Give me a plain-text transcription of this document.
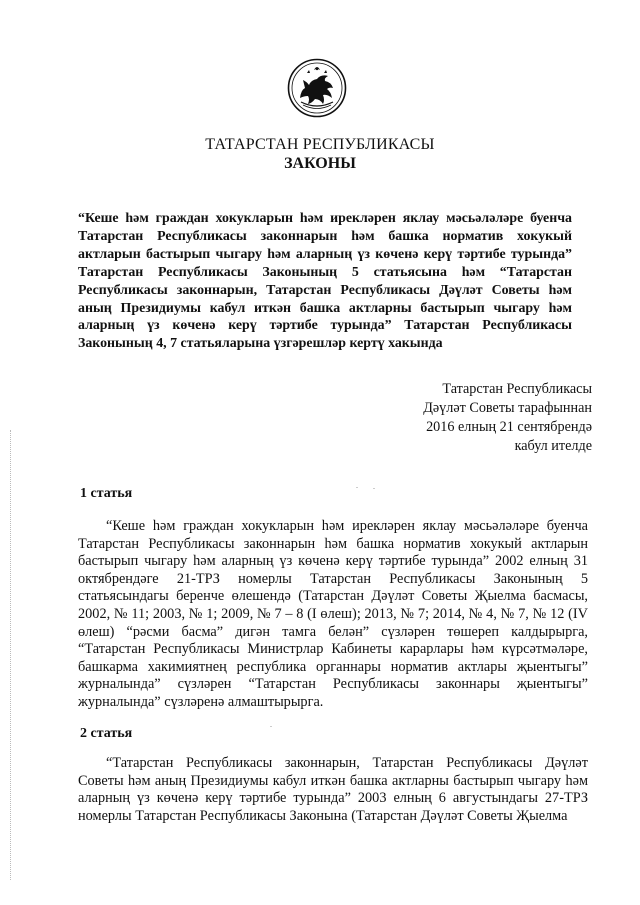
ТАТАРСТАН РЕСПУБЛИКАСЫ
ЗАКОНЫ
“Кеше һәм граждан хокукларын һәм ирекләрен яклау мәсьәләләре буенча Татарстан Республикасы законнарын һәм башка норматив хокукый актларын бастырып чыгару һәм аларның үз көченә керү тәртибе турында” Татарстан Республикасы Законының 5 статьясына һәм “Татарстан Республикасы законнарын, Татарстан Республикасы Дәүләт Советы һәм аның Президиумы кабул иткән башка актларны бастырып чыгару һәм аларның үз көченә керү тәртибе турында” Татарстан Республикасы Законының 4, 7 статьяларына үзгәрешләр кертү хакында
Татарстан Республикасы
Дәүләт Советы тарафыннан
2016 елның 21 сентябрендә
кабул ителде
1 статья
“Кеше һәм граждан хокукларын һәм ирекләрен яклау мәсьәләләре буенча Татарстан Республикасы законнарын һәм башка норматив хокукый актларын бастырып чыгару һәм аларның үз көченә керү тәртибе турында” 2002 елның 31 октябрендәге 21-ТРЗ номерлы Татарстан Республикасы Законының 5 статьясындагы беренче өлешендә (Татарстан Дәүләт Советы Җыелма басмасы, 2002, № 11; 2003, № 1; 2009, № 7 – 8 (I өлеш); 2013, № 7; 2014, № 4, № 7, № 12 (IV өлеш) “рәсми басма” дигән тамга белән” сүзләрен төшереп калдырырга, “Татарстан Республикасы Министрлар Кабинеты карарлары һәм күрсәтмәләре, башкарма хакимиятнең республика органнары норматив актлары җыентыгы” журналында” сүзләрен “Татарстан Республикасы законнары җыентыгы” журналында” сүзләренә алмаштырырга.
2 статья
“Татарстан Республикасы законнарын, Татарстан Республикасы Дәүләт Советы һәм аның Президиумы кабул иткән башка актларны бастырып чыгару һәм аларның үз көченә керү тәртибе турында” 2003 елның 6 августындагы 27-ТРЗ номерлы Татарстан Республикасы Законына (Татарстан Дәүләт Советы Җыелма
